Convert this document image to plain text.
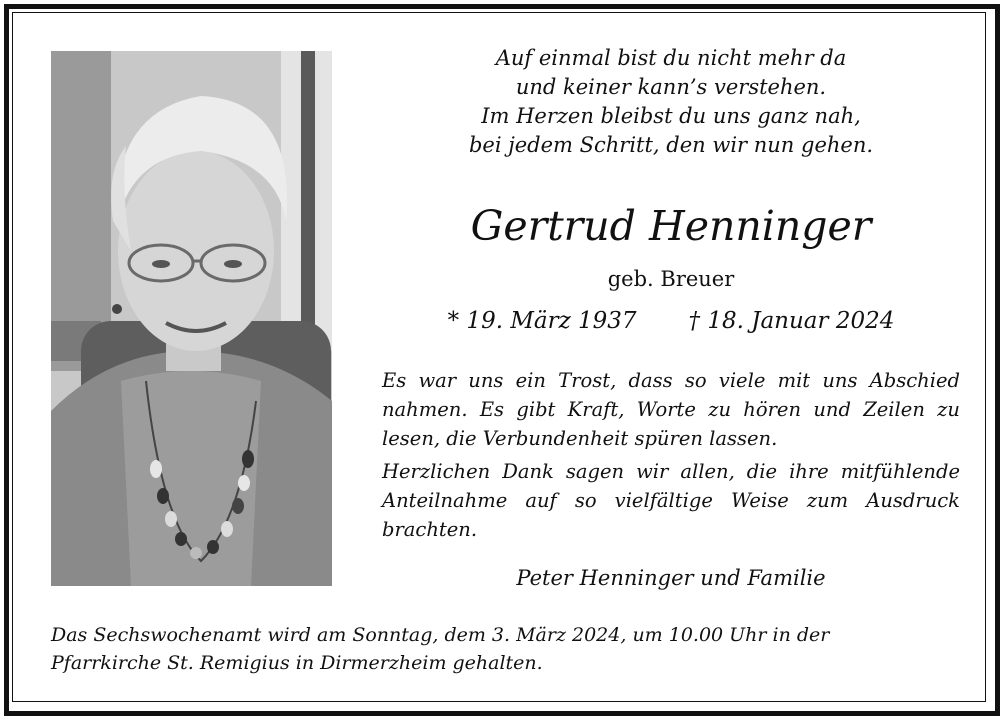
Auf einmal bist du nicht mehr da
und keiner kann’s verstehen.
Im Herzen bleibst du uns ganz nah,
bei jedem Schritt, den wir nun gehen.
Gertrud Henninger
geb. Breuer
* 19. März 1937 † 18. Januar 2024
Es war uns ein Trost, dass so viele mit uns Abschied nahmen. Es gibt Kraft, Worte zu hören und Zeilen zu lesen, die Verbundenheit spüren lassen.
Herzlichen Dank sagen wir allen, die ihre mitfühlende Anteilnahme auf so vielfältige Weise zum Ausdruck brachten.
Peter Henninger und Familie
Das Sechswochenamt wird am Sonntag, dem 3. März 2024, um 10.00 Uhr in der
Pfarrkirche St. Remigius in Dirmerzheim gehalten.
